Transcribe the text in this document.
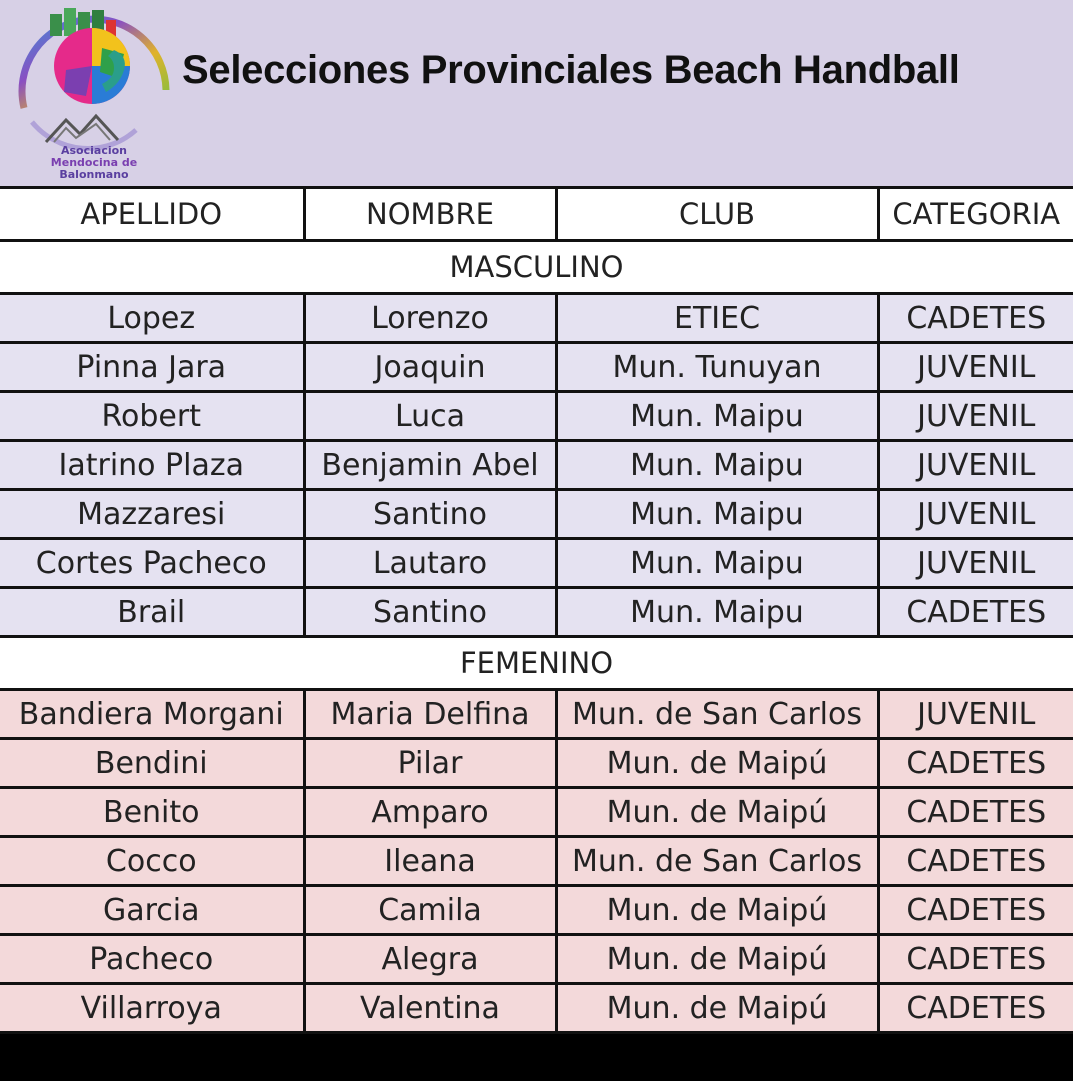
Asociacion
Mendocina de
Balonmano
Selecciones Provinciales Beach Handball
APELLIDO	NOMBRE	CLUB	CATEGORIA
MASCULINO			
Lopez	Lorenzo	ETIEC	CADETES
Pinna Jara	Joaquin	Mun. Tunuyan	JUVENIL
Robert	Luca	Mun. Maipu	JUVENIL
Iatrino Plaza	Benjamin Abel	Mun. Maipu	JUVENIL
Mazzaresi	Santino	Mun. Maipu	JUVENIL
Cortes Pacheco	Lautaro	Mun. Maipu	JUVENIL
Brail	Santino	Mun. Maipu	CADETES
FEMENINO			
Bandiera Morgani	Maria Delfina	Mun. de San Carlos	JUVENIL
Bendini	Pilar	Mun. de Maipú	CADETES
Benito	Amparo	Mun. de Maipú	CADETES
Cocco	Ileana	Mun. de San Carlos	CADETES
Garcia	Camila	Mun. de Maipú	CADETES
Pacheco	Alegra	Mun. de Maipú	CADETES
Villarroya	Valentina	Mun. de Maipú	CADETES
